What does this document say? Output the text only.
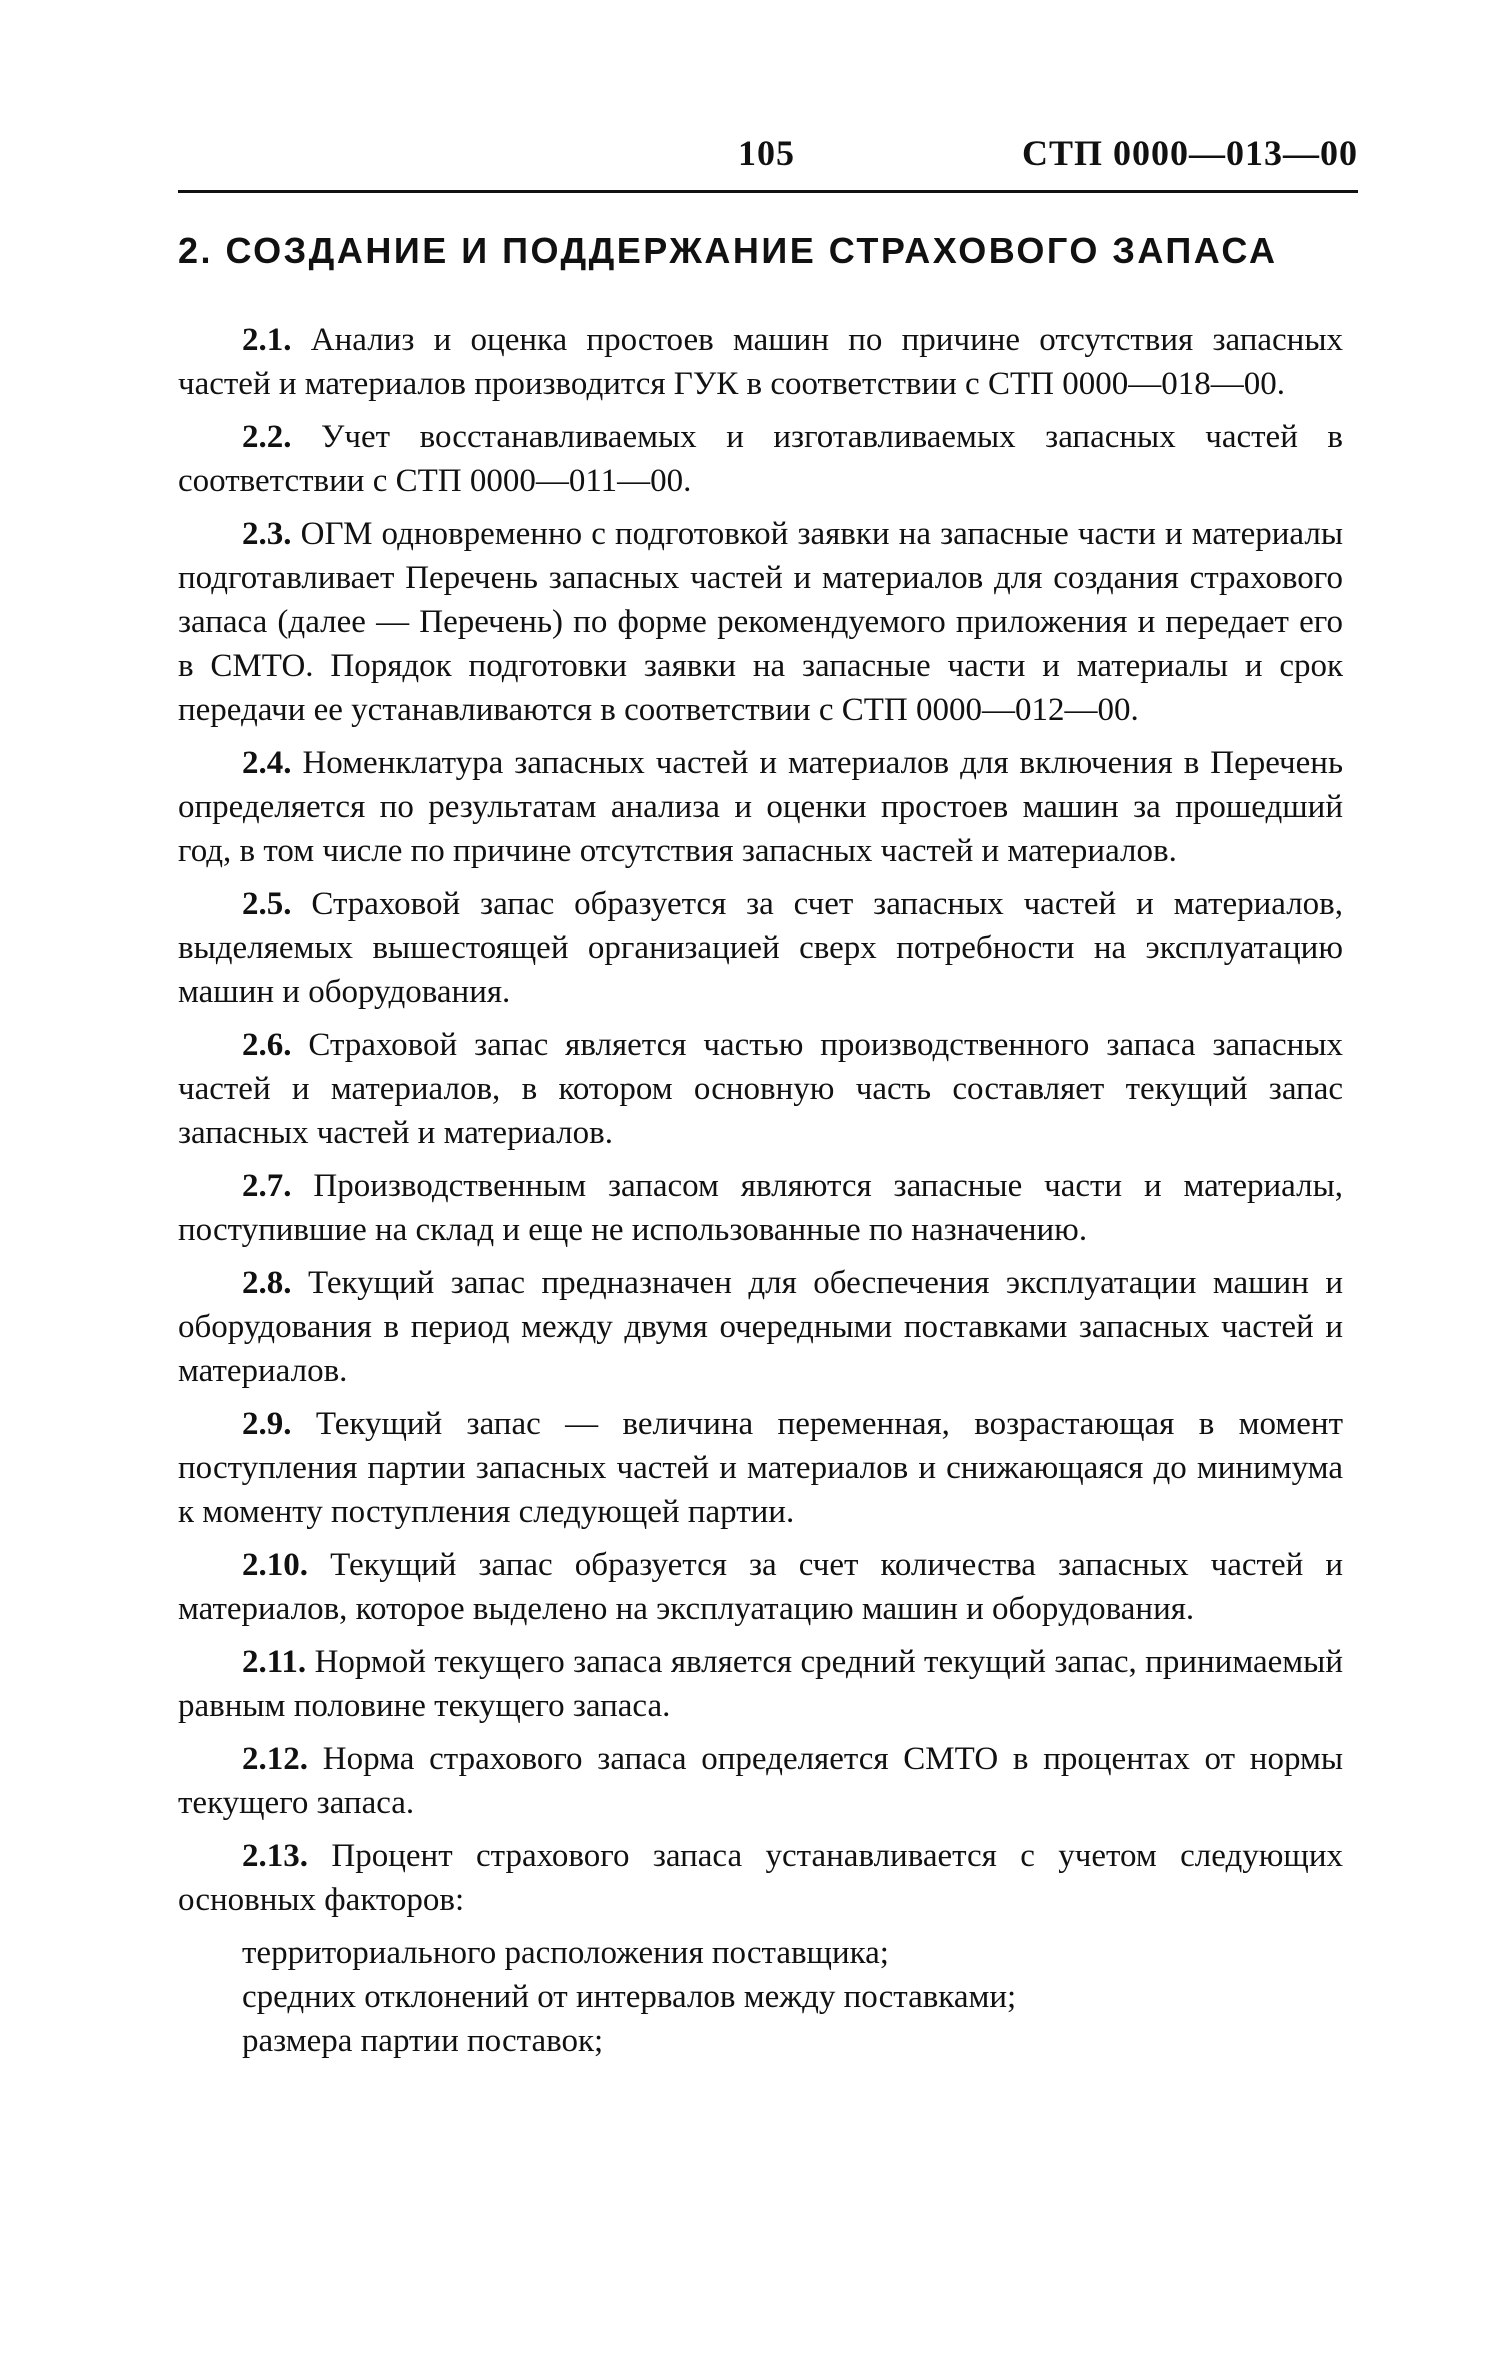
105	СТП 0000—013—00
2. СОЗДАНИЕ И ПОДДЕРЖАНИЕ СТРАХОВОГО ЗАПАСА

2.1. Анализ и оценка простоев машин по причине отсутствия запасных частей и материалов производится ГУК в соответствии с СТП 0000—018—00.

2.2. Учет восстанавливаемых и изготавливаемых запасных частей в соответствии с СТП 0000—011—00.

2.3. ОГМ одновременно с подготовкой заявки на запасные части и материалы подготавливает Перечень запасных частей и материалов для создания страхового запаса (далее — Перечень) по форме рекомендуемого приложения и передает его в СМТО. Порядок подготовки заявки на запасные части и материалы и срок передачи ее устанавливаются в соответствии с СТП 0000—012—00.

2.4. Номенклатура запасных частей и материалов для включения в Перечень определяется по результатам анализа и оценки простоев машин за прошедший год, в том числе по причине отсутствия запасных частей и материалов.

2.5. Страховой запас образуется за счет запасных частей и материалов, выделяемых вышестоящей организацией сверх потребности на эксплуатацию машин и оборудования.

2.6. Страховой запас является частью производственного запаса запасных частей и материалов, в котором основную часть составляет текущий запас запасных частей и материалов.

2.7. Производственным запасом являются запасные части и материалы, поступившие на склад и еще не использованные по назначению.

2.8. Текущий запас предназначен для обеспечения эксплуатации машин и оборудования в период между двумя очередными поставками запасных частей и материалов.

2.9. Текущий запас — величина переменная, возрастающая в момент поступления партии запасных частей и материалов и снижающаяся до минимума к моменту поступления следующей партии.

2.10. Текущий запас образуется за счет количества запасных частей и материалов, которое выделено на эксплуатацию машин и оборудования.

2.11. Нормой текущего запаса является средний текущий запас, принимаемый равным половине текущего запаса.

2.12. Норма страхового запаса определяется СМТО в процентах от нормы текущего запаса.

2.13. Процент страхового запаса устанавливается с учетом следующих основных факторов:

территориального расположения поставщика;

средних отклонений от интервалов между поставками;

размера партии поставок;
